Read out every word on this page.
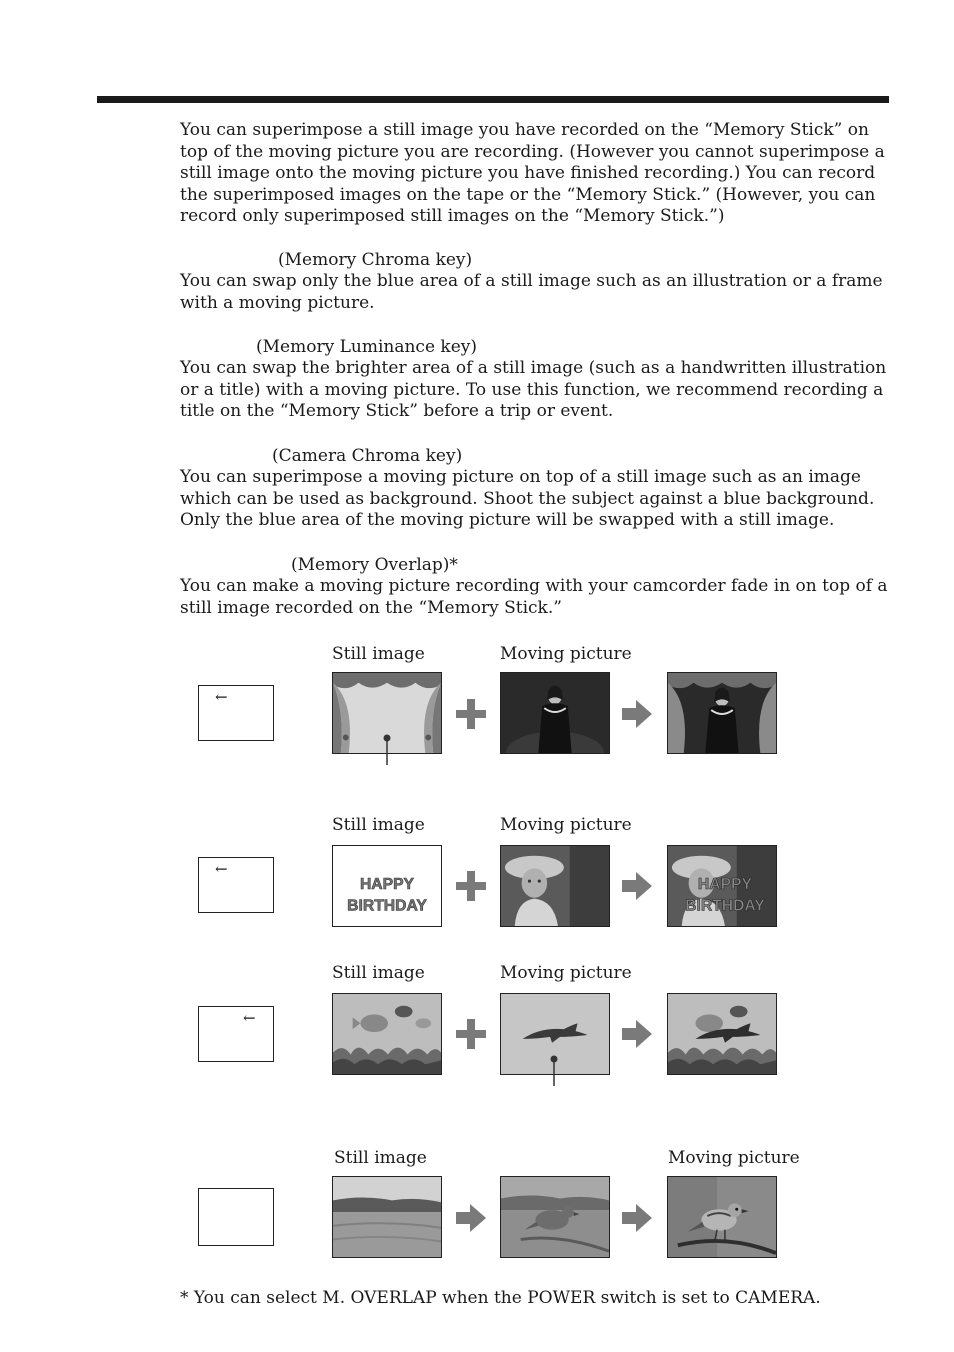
You can superimpose a still image you have recorded on the “Memory Stick” on top of the moving picture you are recording. (However you cannot superimpose a still image onto the moving picture you have finished recording.) You can record the superimposed images on the tape or the “Memory Stick.” (However, you can record only superimposed still images on the “Memory Stick.”)

(Memory Chroma key)

You can swap only the blue area of a still image such as an illustration or a frame with a moving picture.

(Memory Luminance key)

You can swap the brighter area of a still image (such as a handwritten illustration or a title) with a moving picture. To use this function, we recommend recording a title on the “Memory Stick” before a trip or event.

(Camera Chroma key)

You can superimpose a moving picture on top of a still image such as an image which can be used as background. Shoot the subject against a blue background. Only the blue area of the moving picture will be swapped with a still image.

(Memory Overlap)*

You can make a moving picture recording with your camcorder fade in on top of a still image recorded on the “Memory Stick.”

Still image	Moving picture
←
Still image	Moving picture
←
HAPPY
BIRTHDAY
HAPPY
BIRTHDAY
Still image	Moving picture
←
Still image	Moving picture
* You can select M. OVERLAP when the POWER switch is set to CAMERA.
